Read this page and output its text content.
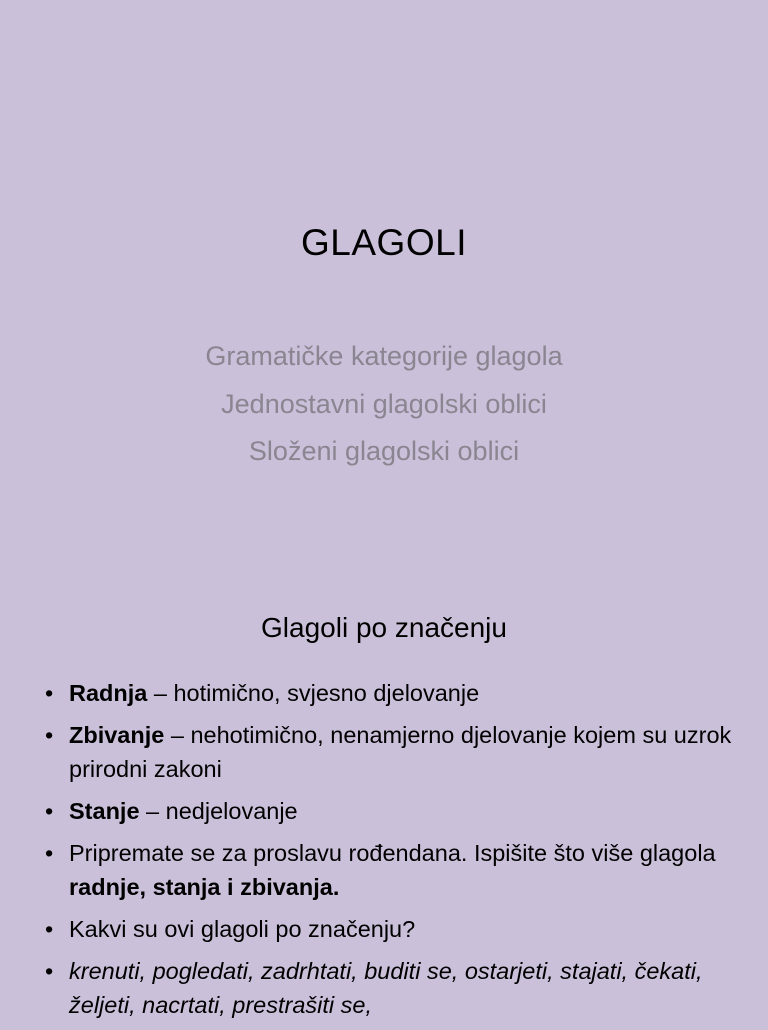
GLAGOLI
Gramatičke kategorije glagola
Jednostavni glagolski oblici
Složeni glagolski oblici
Glagoli po značenju
• Radnja – hotimično, svjesno djelovanje
• Zbivanje – nehotimično, nenamjerno djelovanje kojem su uzrok prirodni zakoni
• Stanje – nedjelovanje
• Pripremate se za proslavu rođendana. Ispišite što više glagola radnje, stanja i zbivanja.
• Kakvi su ovi glagoli po značenju?
• krenuti, pogledati, zadrhtati, buditi se, ostarjeti, stajati, čekati, željeti, nacrtati, prestrašiti se,
